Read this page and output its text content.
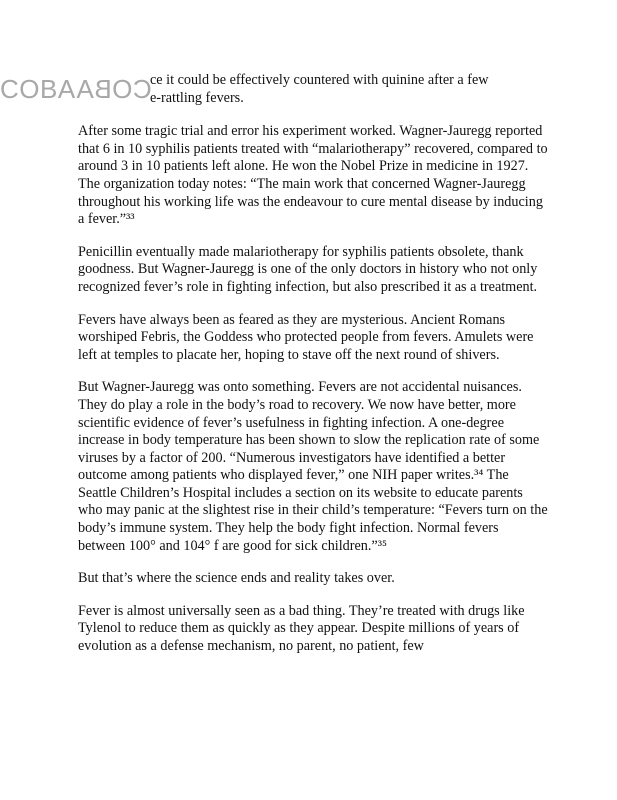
COBACOBA

ce it could be effectively countered with quinine after a few

e-rattling fevers.

After some tragic trial and error his experiment worked. Wagner-Jauregg reported that 6 in 10 syphilis patients treated with “malariotherapy” recovered, compared to around 3 in 10 patients left alone. He won the Nobel Prize in medicine in 1927. The organization today notes: “The main work that concerned Wagner-Jauregg throughout his working life was the endeavour to cure mental disease by inducing a fever.”³³

Penicillin eventually made malariotherapy for syphilis patients obsolete, thank goodness. But Wagner-Jauregg is one of the only doctors in history who not only recognized fever’s role in fighting infection, but also prescribed it as a treatment.

Fevers have always been as feared as they are mysterious. Ancient Romans worshiped Febris, the Goddess who protected people from fevers. Amulets were left at temples to placate her, hoping to stave off the next round of shivers.

But Wagner-Jauregg was onto something. Fevers are not accidental nuisances. They do play a role in the body’s road to recovery. We now have better, more scientific evidence of fever’s usefulness in fighting infection. A one-degree increase in body temperature has been shown to slow the replication rate of some viruses by a factor of 200. “Numerous investigators have identified a better outcome among patients who displayed fever,” one NIH paper writes.³⁴ The Seattle Children’s Hospital includes a section on its website to educate parents who may panic at the slightest rise in their child’s temperature: “Fevers turn on the body’s immune system. They help the body fight infection. Normal fevers between 100° and 104° f are good for sick children.”³⁵

But that’s where the science ends and reality takes over.

Fever is almost universally seen as a bad thing. They’re treated with drugs like Tylenol to reduce them as quickly as they appear. Despite millions of years of evolution as a defense mechanism, no parent, no patient, few
